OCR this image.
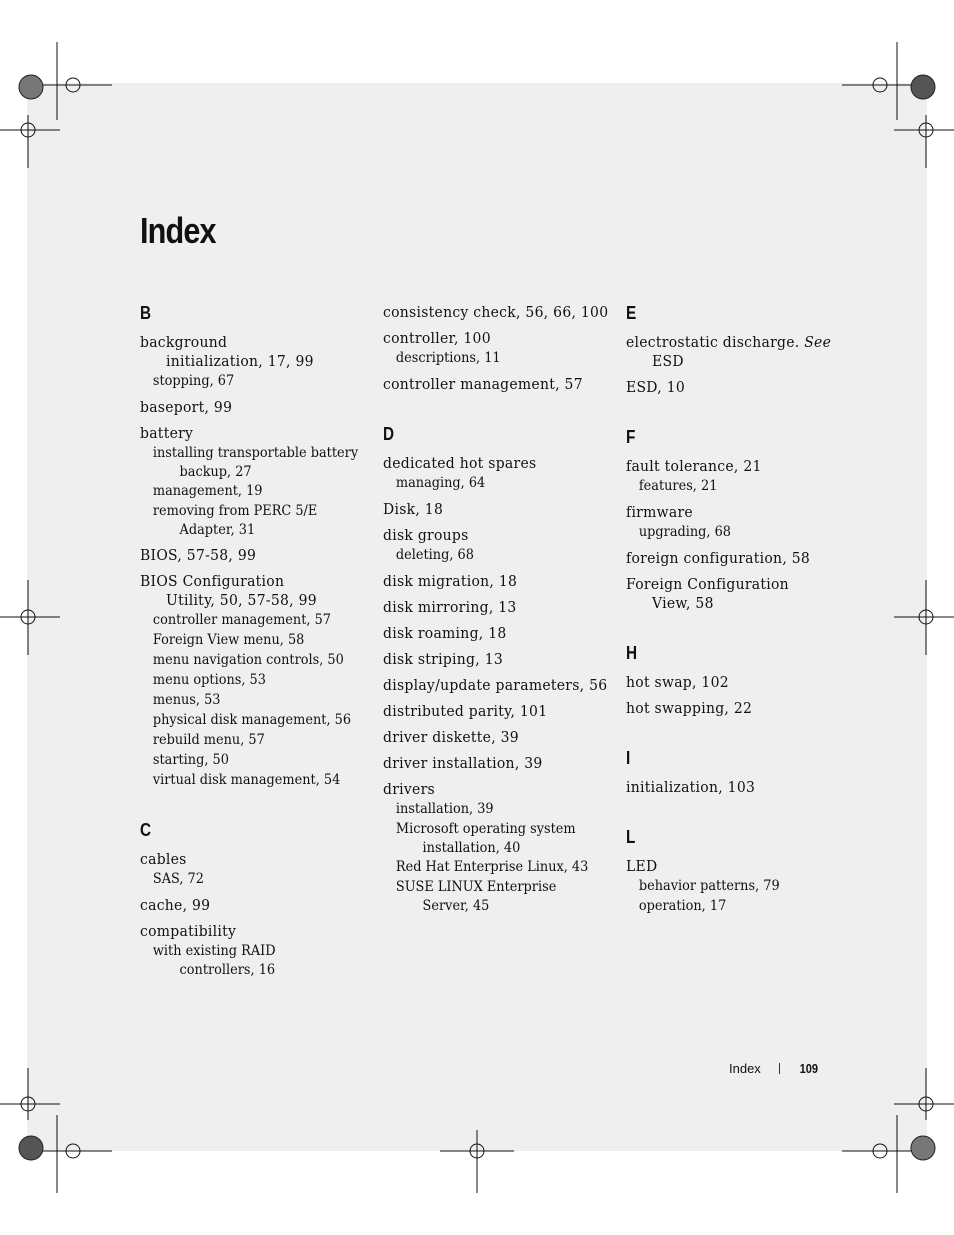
Index
B
background
initialization, 17, 99
stopping, 67
baseport, 99
battery
installing transportable battery
backup, 27
management, 19
removing from PERC 5/E
Adapter, 31
BIOS, 57-58, 99
BIOS Configuration
Utility, 50, 57-58, 99
controller management, 57
Foreign View menu, 58
menu navigation controls, 50
menu options, 53
menus, 53
physical disk management, 56
rebuild menu, 57
starting, 50
virtual disk management, 54
C
cables
SAS, 72
cache, 99
compatibility
with existing RAID
controllers, 16
consistency check, 56, 66, 100
controller, 100
descriptions, 11
controller management, 57
D
dedicated hot spares
managing, 64
Disk, 18
disk groups
deleting, 68
disk migration, 18
disk mirroring, 13
disk roaming, 18
disk striping, 13
display/update parameters, 56
distributed parity, 101
driver diskette, 39
driver installation, 39
drivers
installation, 39
Microsoft operating system
installation, 40
Red Hat Enterprise Linux, 43
SUSE LINUX Enterprise
Server, 45
E
electrostatic discharge. See
ESD
ESD, 10
F
fault tolerance, 21
features, 21
firmware
upgrading, 68
foreign configuration, 58
Foreign Configuration
View, 58
H
hot swap, 102
hot swapping, 22
I
initialization, 103
L
LED
behavior patterns, 79
operation, 17
Index	109
